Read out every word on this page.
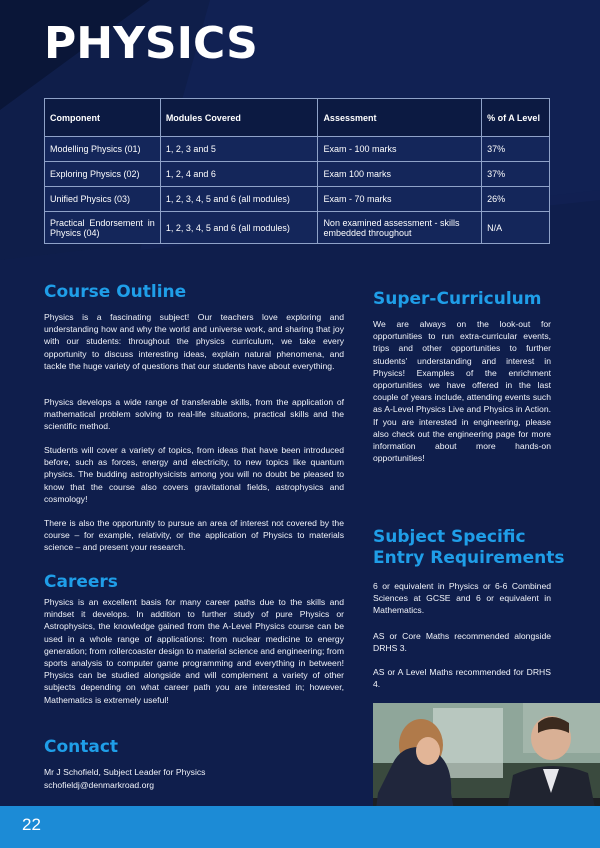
PHYSICS
Component	Modules Covered	Assessment	% of A Level
Modelling Physics (01)	1, 2, 3 and 5	Exam - 100 marks	37%
Exploring Physics (02)	1, 2, 4 and 6	Exam 100 marks	37%
Unified Physics (03)	1, 2, 3, 4, 5 and 6 (all modules)	Exam - 70 marks	26%
Practical Endorsement in Physics (04)	1, 2, 3, 4, 5 and 6 (all modules)	Non examined assessment - skills embedded throughout	N/A
Course Outline
Physics is a fascinating subject! Our teachers love exploring and understanding how and why the world and universe work, and sharing that joy with our students: throughout the physics curriculum, we take every opportunity to discuss interesting ideas, explain natural phenomena, and tackle the huge variety of questions that our students have about everything.
Physics develops a wide range of transferable skills, from the application of mathematical problem solving to real-life situations, practical skills and the scientific method.
Students will cover a variety of topics, from ideas that have been introduced before, such as forces, energy and electricity, to new topics like quantum physics. The budding astrophysicists among you will no doubt be pleased to know that the course also covers gravitational fields, astrophysics and cosmology!
There is also the opportunity to pursue an area of interest not covered by the course – for example, relativity, or the application of Physics to materials science – and present your research.
Careers
Physics is an excellent basis for many career paths due to the skills and mindset it develops. In addition to further study of pure Physics or Astrophysics, the knowledge gained from the A-Level Physics course can be used in a whole range of applications: from nuclear medicine to energy generation; from rollercoaster design to material science and engineering; from sports analysis to computer game programming and everything in between! Physics can be studied alongside and will complement a variety of other subjects depending on what career path you are interested in; however, Mathematics is extremely useful!
Contact
Mr J Schofield, Subject Leader for Physics
schofieldj@denmarkroad.org
Super-Curriculum
We are always on the look-out for opportunities to run extra-curricular events, trips and other opportunities to further students' understanding and interest in Physics! Examples of the enrichment opportunities we have offered in the last couple of years include, attending events such as A-Level Physics Live and Physics in Action. If you are interested in engineering, please also check out the engineering page for more information about more hands-on opportunities!
Subject Specific
Entry Requirements
6 or equivalent in Physics or 6-6 Combined Sciences at GCSE and 6 or equivalent in Mathematics.
AS or Core Maths recommended alongside DRHS 3.
AS or A Level Maths recommended for DRHS 4.
22
